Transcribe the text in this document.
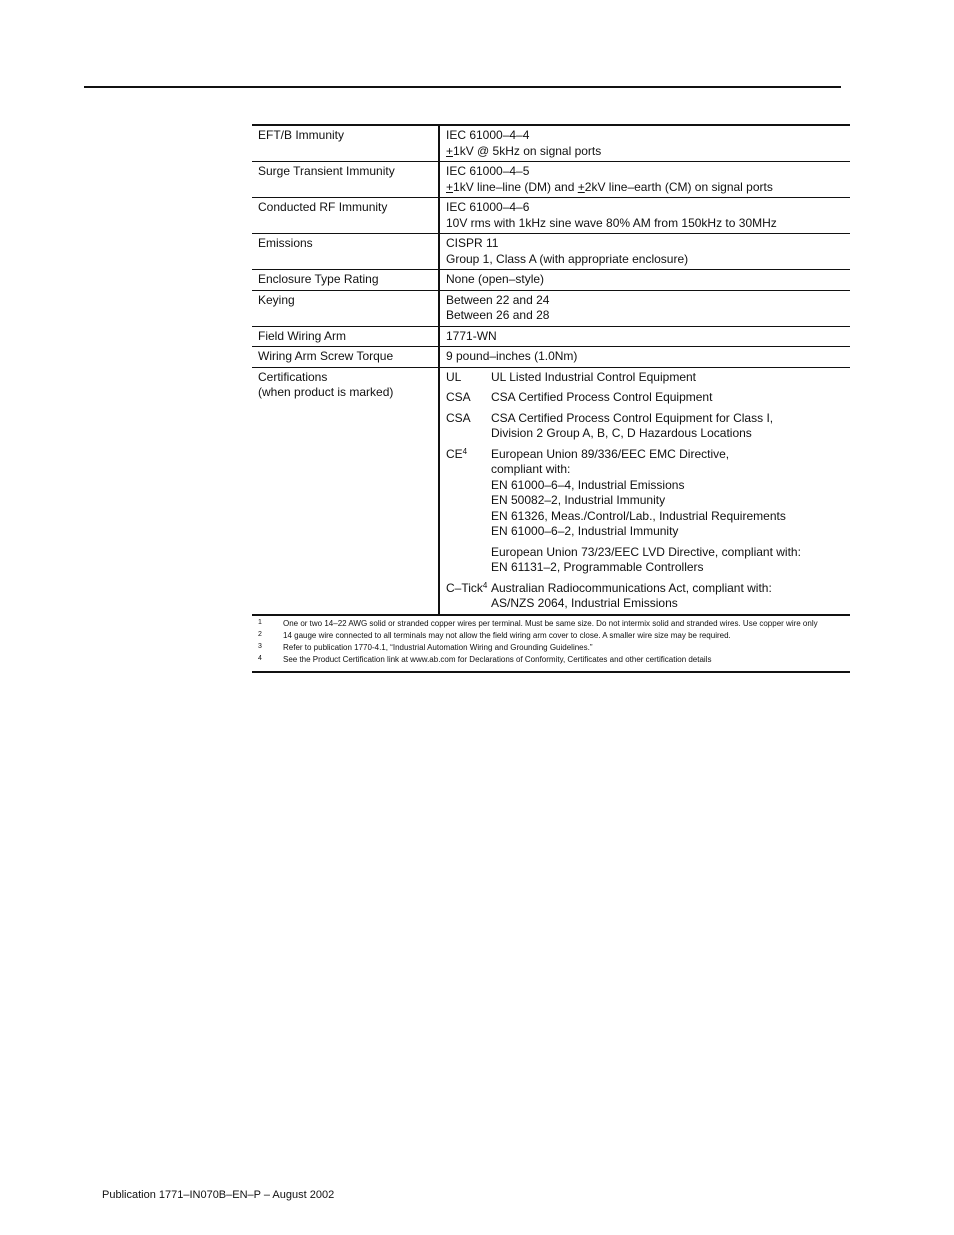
EFT/B Immunity	IEC 61000–4–4
+1kV @ 5kHz on signal ports
Surge Transient Immunity	IEC 61000–4–5
+1kV line–line (DM) and +2kV line–earth (CM) on signal ports
Conducted RF Immunity	IEC 61000–4–6
10V rms with 1kHz sine wave 80% AM from 150kHz to 30MHz
Emissions	CISPR 11
Group 1, Class A (with appropriate enclosure)
Enclosure Type Rating	None (open–style)
Keying	Between 22 and 24
Between 26 and 28
Field Wiring Arm	1771-WN
Wiring Arm Screw Torque	9 pound–inches (1.0Nm)
Certifications
(when product is marked)
UL	UL Listed Industrial Control Equipment
CSA	CSA Certified Process Control Equipment
CSA	CSA Certified Process Control Equipment for Class I,
Division 2 Group A, B, C, D Hazardous Locations
$CE^4$	European Union 89/336/EEC EMC Directive,
compliant with:
EN 61000–6–4, Industrial Emissions
EN 50082–2, Industrial Immunity
EN 61326, Meas./Control/Lab., Industrial Requirements
EN 61000–6–2, Industrial Immunity
European Union 73/23/EEC LVD Directive, compliant with:
EN 61131–2, Programmable Controllers
C–Tick$^4$ Australian Radiocommunications Act, compliant with:
AS/NZS 2064, Industrial Emissions
1	One or two 14–22 AWG solid or stranded copper wires per terminal. Must be same size. Do not intermix solid and stranded wires. Use copper wire only
2	14 gauge wire connected to all terminals may not allow the field wiring arm cover to close. A smaller wire size may be required.
3	Refer to publication 1770-4.1, “Industrial Automation Wiring and Grounding Guidelines.”
4	See the Product Certification link at www.ab.com for Declarations of Conformity, Certificates and other certification details
Publication 1771–IN070B–EN–P – August 2002
